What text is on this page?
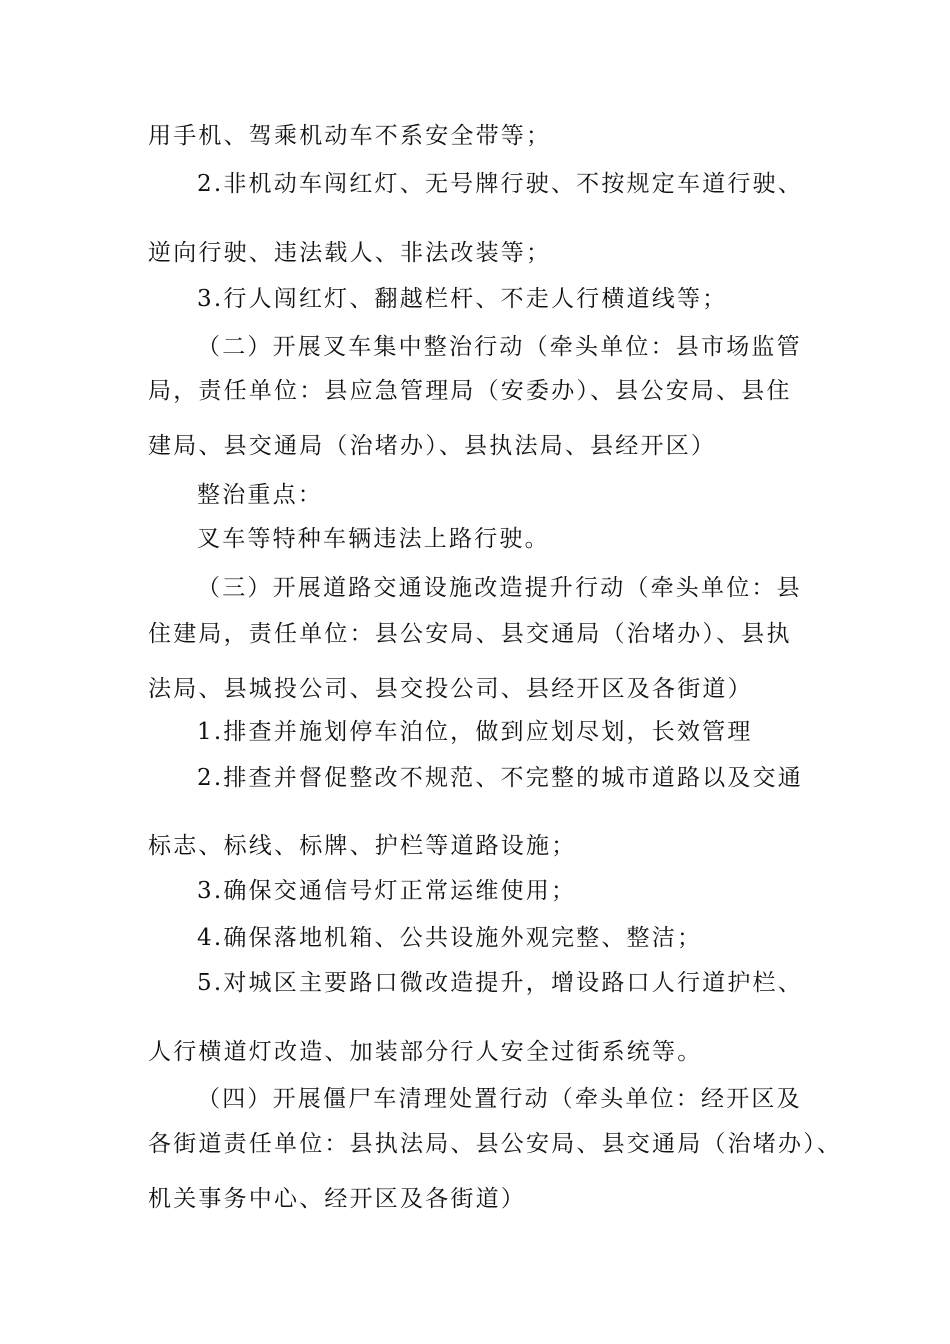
用手机、驾乘机动车不系安全带等；
2.非机动车闯红灯、无号牌行驶、不按规定车道行驶、
逆向行驶、违法载人、非法改装等；
3.行人闯红灯、翻越栏杆、不走人行横道线等；
（二）开展叉车集中整治行动（牵头单位：县市场监管
局，责任单位：县应急管理局（安委办）、县公安局、县住
建局、县交通局（治堵办）、县执法局、县经开区）
整治重点：
叉车等特种车辆违法上路行驶。
（三）开展道路交通设施改造提升行动（牵头单位：县
住建局，责任单位：县公安局、县交通局（治堵办）、县执
法局、县城投公司、县交投公司、县经开区及各街道）
1.排查并施划停车泊位，做到应划尽划，长效管理
2.排查并督促整改不规范、不完整的城市道路以及交通
标志、标线、标牌、护栏等道路设施；
3.确保交通信号灯正常运维使用；
4.确保落地机箱、公共设施外观完整、整洁；
5.对城区主要路口微改造提升，增设路口人行道护栏、
人行横道灯改造、加装部分行人安全过街系统等。
（四）开展僵尸车清理处置行动（牵头单位：经开区及
各街道责任单位：县执法局、县公安局、县交通局（治堵办）、
机关事务中心、经开区及各街道）
